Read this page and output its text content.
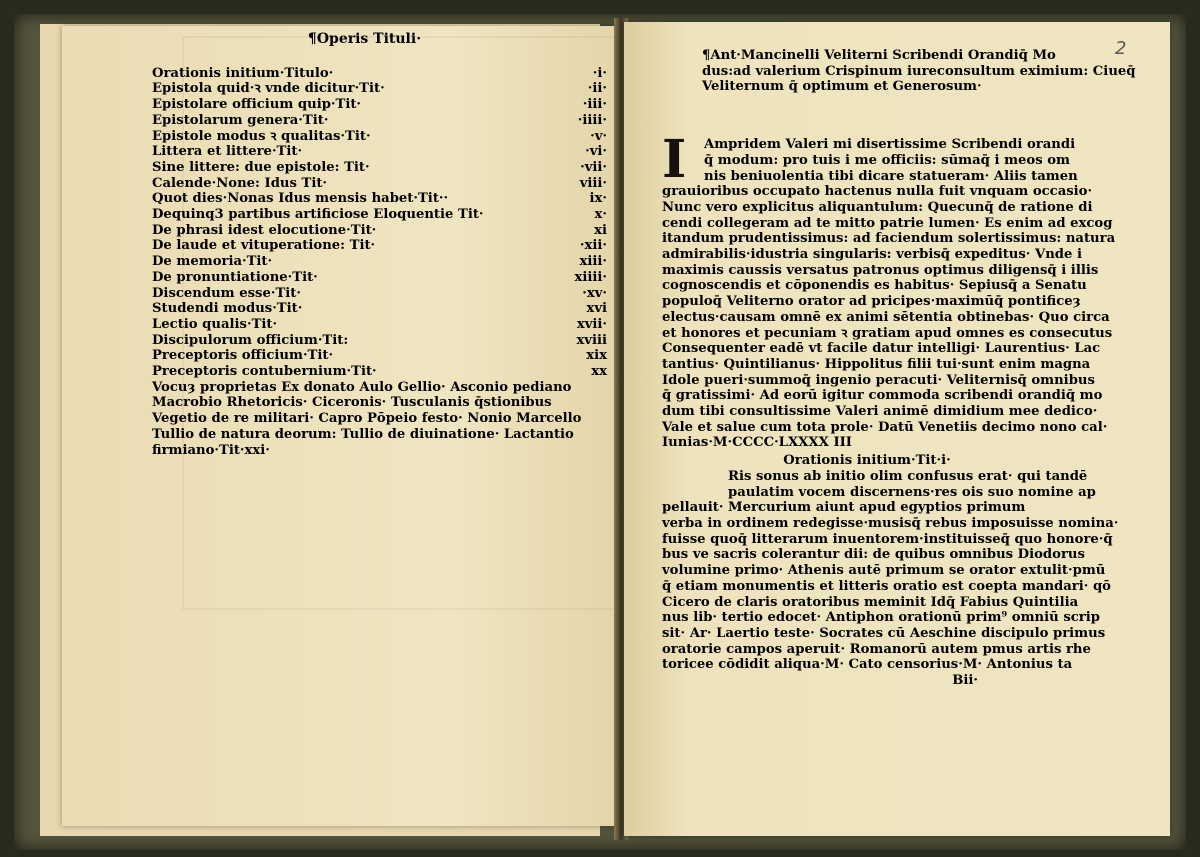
¶Operis Tituli·
Orationis initium·Titulo·	·i·
Epistola quid·ꝛ vnde dicitur·Tit·	·ii·
Epistolare officium quip·Tit·	·iii·
Epistolarum genera·Tit·	·iiii·
Epistole modus ꝛ qualitas·Tit·	·v·
Littera et littere·Tit·	·vi·
Sine littere: due epistole: Tit·	·vii·
Calende·None: Idus Tit·	viii·
Quot dies·Nonas Idus mensis habet·Tit··	ix·
Dequinq3 partibus artificiose Eloquentie Tit·	x·
De phrasi idest elocutione·Tit·	xi
De laude et vituperatione: Tit·	·xii·
De memoria·Tit·	xiii·
De pronuntiatione·Tit·	xiiii·
Discendum esse·Tit·	·xv·
Studendi modus·Tit·	xvi
Lectio qualis·Tit·	xvii·
Discipulorum officium·Tit:	xviii
Preceptoris officium·Tit·	xix
Preceptoris contubernium·Tit·	xx
Vocuȝ proprietas Ex donato Aulo Gellio· Asconio pediano
Macrobio Rhetoricis· Ciceronis· Tusculanis q̄stionibus
Vegetio de re militari· Capro Pōpeio festo· Nonio Marcello
Tullio de natura deorum: Tullio de diuinatione· Lactantio
firmiano·Tit·xxi·
2
¶Ant·Mancinelli Veliterni Scribendi Orandiq̄ Mo
dus:ad valerium Crispinum iureconsultum eximium: Ciueq̄
Veliternum q̄ optimum et Generosum·
I	Ampridem Valeri mi disertissime Scribendi orandi
q̄ modum: pro tuis i me officiis: sūmaq̄ i meos om
nis beniuolentia tibi dicare statueram· Aliis tamen
grauioribus occupato hactenus nulla fuit vnquam occasio·
Nunc vero explicitus aliquantulum: Quecunq̄ de ratione di
cendi collegeram ad te mitto patrie lumen· Es enim ad excog
itandum prudentissimus: ad faciendum solertissimus: natura
admirabilis·idustria singularis: verbisq̄ expeditus· Vnde i
maximis caussis versatus patronus optimus diligensq̄ i illis
cognoscendis et cōponendis es habitus· Sepiusq̄ a Senatu
populoq̄ Veliterno orator ad pricipes·maximūq̄ pontificeȝ
electus·causam omnē ex animi sētentia obtinebas· Quo circa
et honores et pecuniam ꝛ gratiam apud omnes es consecutus
Consequenter eadē vt facile datur intelligi· Laurentius· Lac
tantius· Quintilianus· Hippolitus filii tui·sunt enim magna
Idole pueri·summoq̄ ingenio peracuti· Veliternisq̄ omnibus
q̄ gratissimi· Ad eorū igitur commoda scribendi orandiq̄ mo
dum tibi consultissime Valeri animē dimidium mee dedico·
Vale et salue cum tota prole· Datū Venetiis decimo nono cal·
Iunias·M·CCCC·LXXXX III
Orationis initium·Tit·i·
Ris sonus ab initio olim confusus erat· qui tandē
paulatim vocem discernens·res ois suo nomine ap
pellauit· Mercurium aiunt apud egyptios primum
verba in ordinem redegisse·musisq̄ rebus imposuisse nomina·
fuisse quoq̄ litterarum inuentorem·instituisseq̄ quo honore·q̄
bus ve sacris colerantur dii: de quibus omnibus Diodorus
volumine primo· Athenis autē primum se orator extulit·pmū
q̄ etiam monumentis et litteris oratio est coepta mandari· qō
Cicero de claris oratoribus meminit Idq̄ Fabius Quintilia
nus lib· tertio edocet· Antiphon orationū prim⁹ omniū scrip
sit· Ar· Laertio teste· Socrates cū Aeschine discipulo primus
oratorie campos aperuit· Romanorū autem pmus artis rhe
toricee cōdidit aliqua·M· Cato censorius·M· Antonius ta
Bii·
